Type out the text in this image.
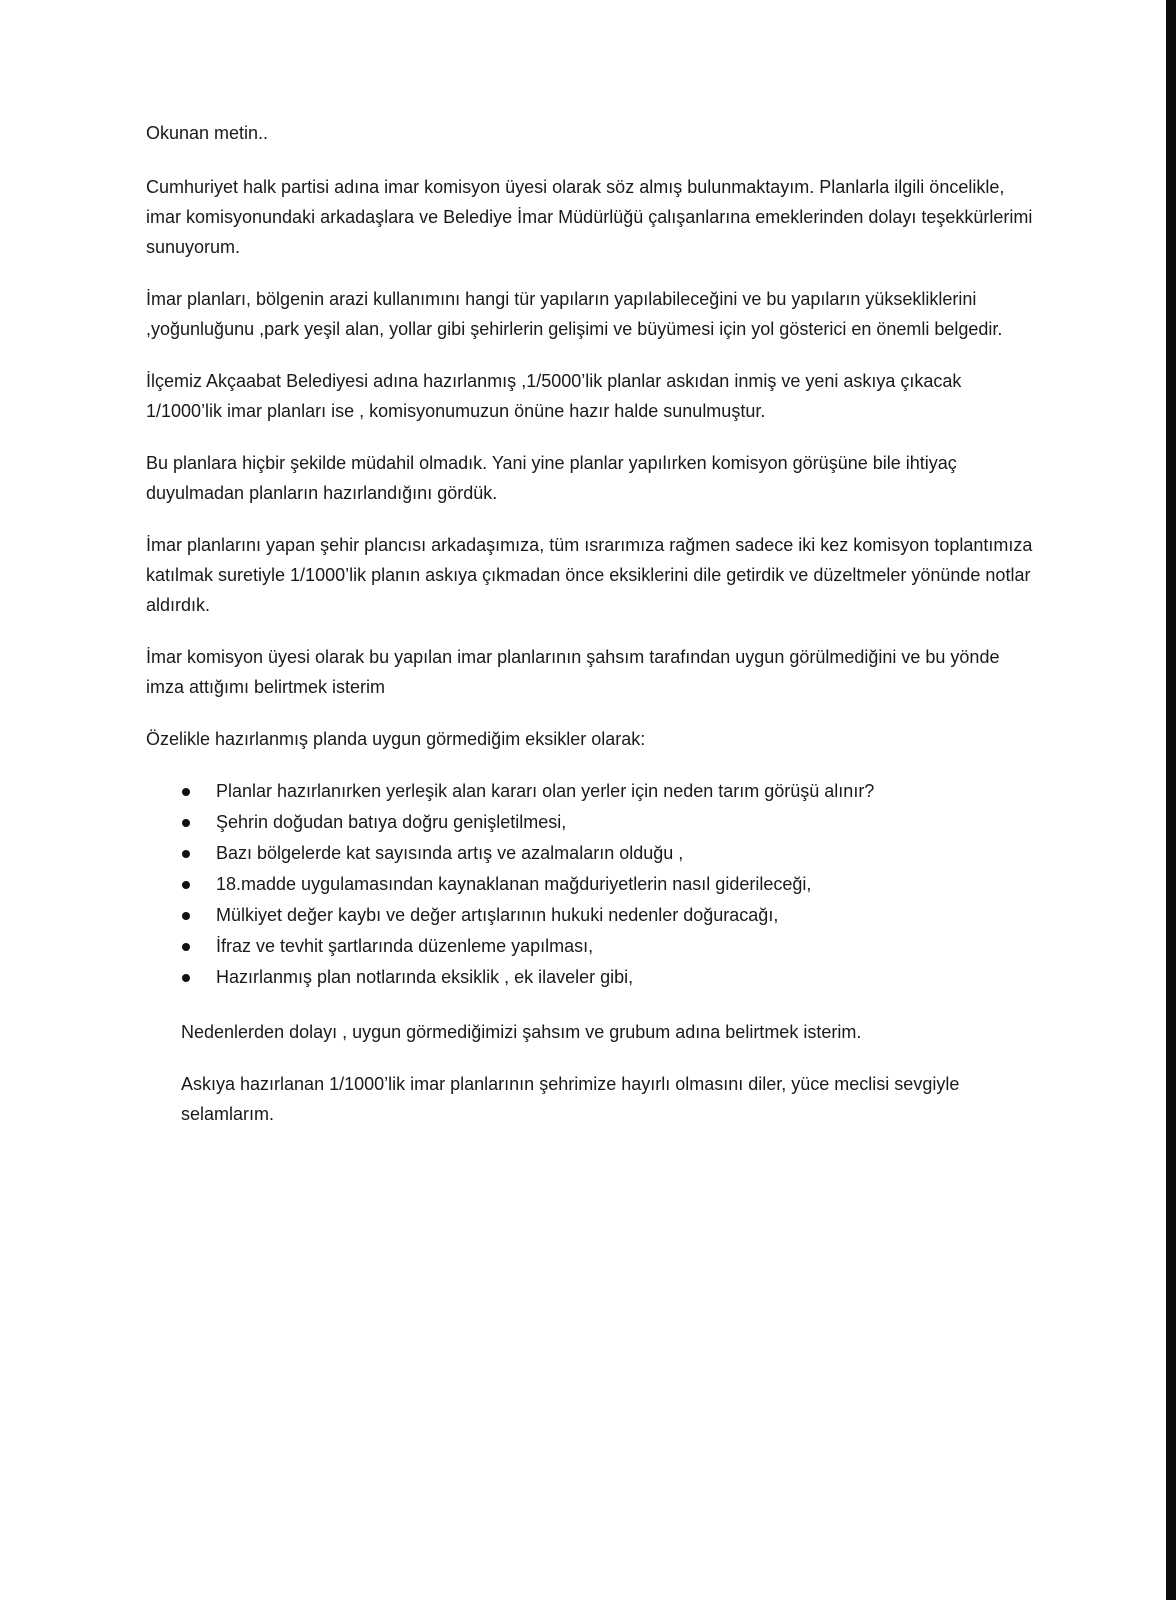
Okunan metin..

Cumhuriyet halk partisi adına imar komisyon üyesi olarak söz almış bulunmaktayım. Planlarla ilgili öncelikle, imar komisyonundaki arkadaşlara ve Belediye İmar Müdürlüğü çalışanlarına emeklerinden dolayı teşekkürlerimi sunuyorum.

İmar planları, bölgenin arazi kullanımını hangi tür yapıların yapılabileceğini ve bu yapıların yüksekliklerini ,yoğunluğunu ,park yeşil alan, yollar gibi şehirlerin gelişimi ve büyümesi için yol gösterici en önemli belgedir.

İlçemiz Akçaabat Belediyesi adına hazırlanmış ,1/5000’lik planlar askıdan inmiş ve yeni askıya çıkacak 1/1000’lik imar planları ise , komisyonumuzun önüne hazır halde sunulmuştur.

Bu planlara hiçbir şekilde müdahil olmadık. Yani yine planlar yapılırken komisyon görüşüne bile ihtiyaç duyulmadan planların hazırlandığını gördük.

İmar planlarını yapan şehir plancısı arkadaşımıza, tüm ısrarımıza rağmen sadece iki kez komisyon toplantımıza katılmak suretiyle 1/1000’lik planın askıya çıkmadan önce eksiklerini dile getirdik ve düzeltmeler yönünde notlar aldırdık.

İmar komisyon üyesi olarak bu yapılan imar planlarının şahsım tarafından uygun görülmediğini ve bu yönde imza attığımı belirtmek isterim

Özelikle hazırlanmış planda uygun görmediğim eksikler olarak:

Planlar hazırlanırken yerleşik alan kararı olan yerler için neden tarım görüşü alınır?
Şehrin doğudan batıya doğru genişletilmesi,
Bazı bölgelerde kat sayısında artış ve azalmaların olduğu ,
18.madde uygulamasından kaynaklanan mağduriyetlerin nasıl giderileceği,
Mülkiyet değer kaybı ve değer artışlarının hukuki nedenler doğuracağı,
İfraz ve tevhit şartlarında düzenleme yapılması,
Hazırlanmış plan notlarında eksiklik , ek ilaveler gibi,

Nedenlerden dolayı , uygun görmediğimizi şahsım ve grubum adına belirtmek isterim.

Askıya hazırlanan 1/1000’lik imar planlarının şehrimize hayırlı olmasını diler, yüce meclisi sevgiyle selamlarım.
